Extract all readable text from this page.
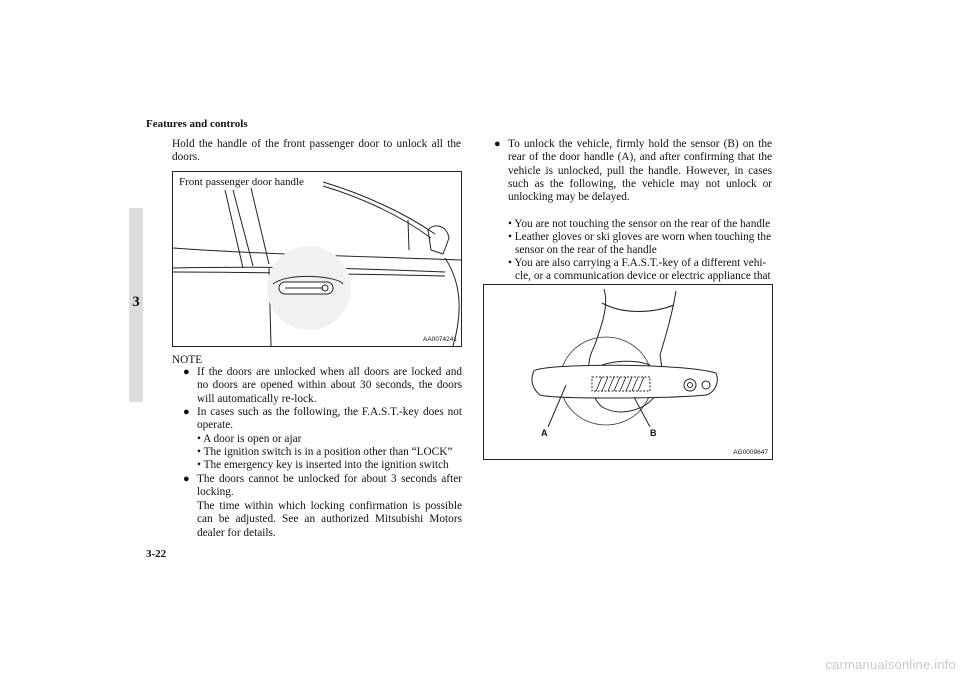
Features and controls
3
Hold the handle of the front passenger door to unlock all the doors.
Front passenger door handle
AA0074241
NOTE
● If the doors are unlocked when all doors are locked and no doors are opened within about 30 seconds, the doors will automatically re-lock.
● In cases such as the following, the F.A.S.T.-key does not operate.
• A door is open or ajar
• The ignition switch is in a position other than “LOCK”
• The emergency key is inserted into the ignition switch
● The doors cannot be unlocked for about 3 seconds after locking.
The time within which locking confirmation is possible can be adjusted. See an authorized Mitsubishi Motors dealer for details.
● To unlock the vehicle, firmly hold the sensor (B) on the rear of the door handle (A), and after confirming that the vehicle is unlocked, pull the handle. However, in cases such as the following, the vehicle may not unlock or unlocking may be delayed.
• You are not touching the sensor on the rear of the handle
• Leather gloves or ski gloves are worn when touching the
sensor on the rear of the handle
• You are also carrying a F.A.S.T.-key of a different vehi-
cle, or a communication device or electric appliance that
A	B
AG0009647
3-22
carmanualsonline.info
